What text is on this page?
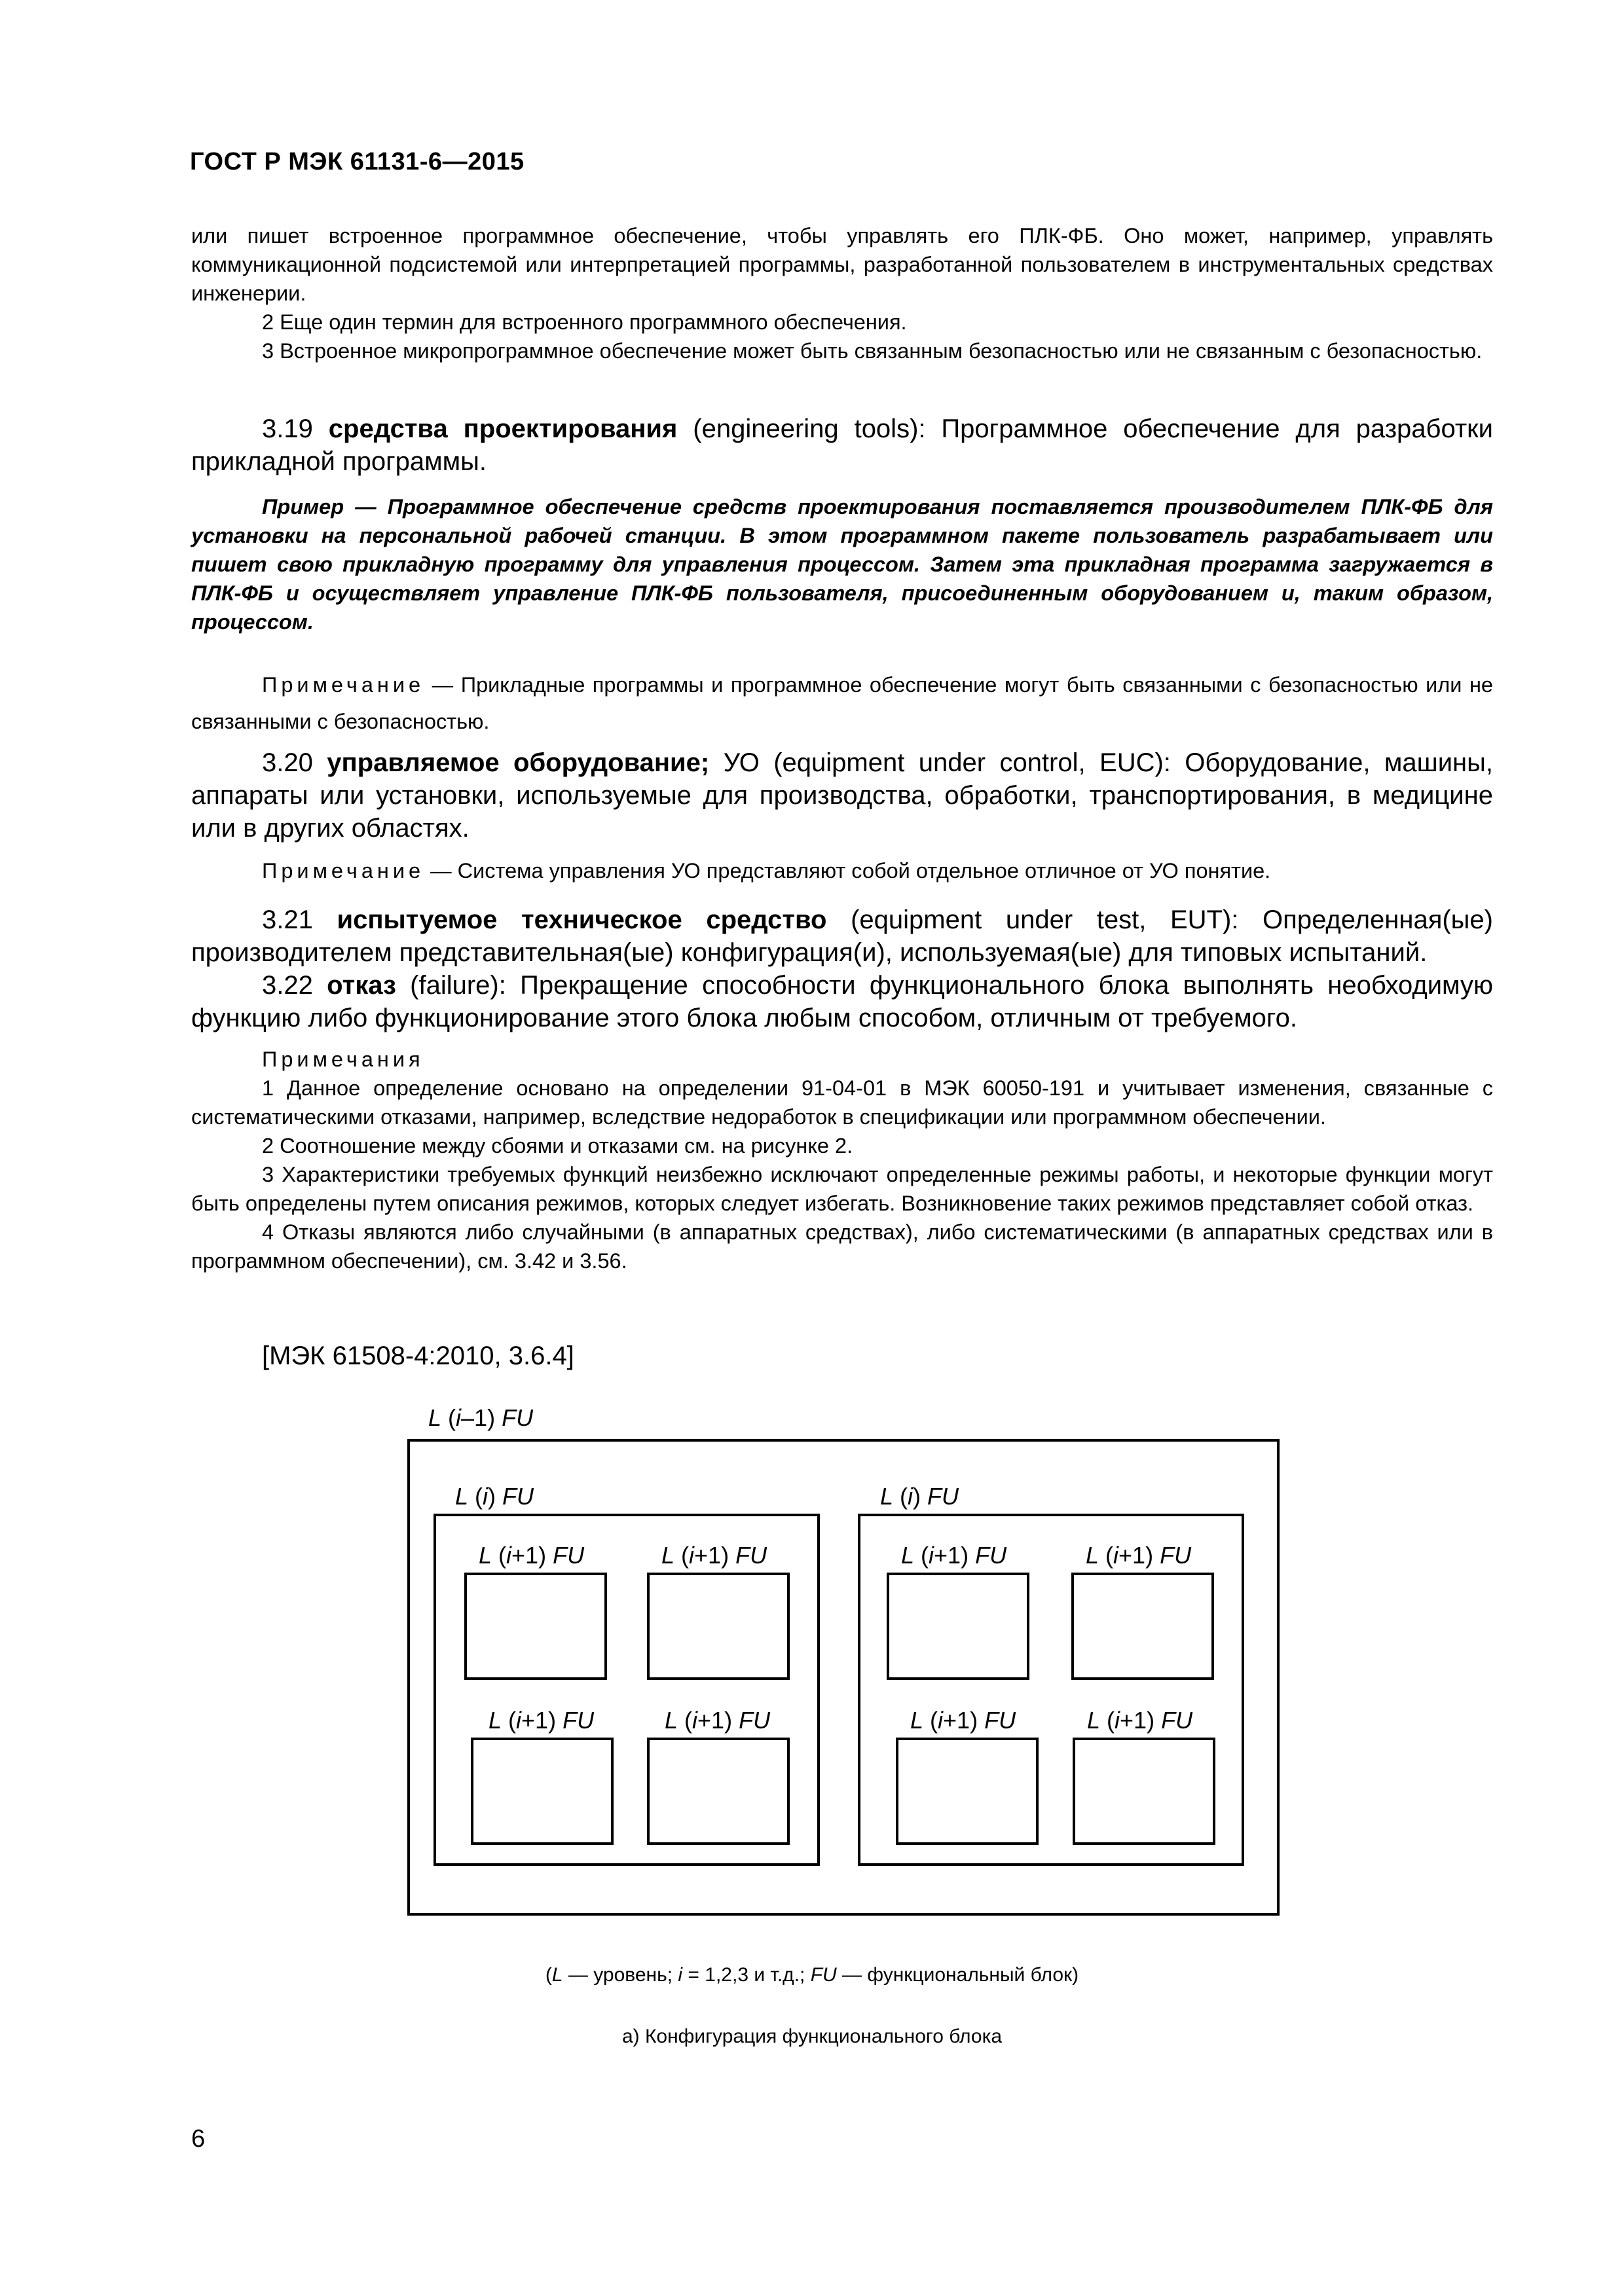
ГОСТ Р МЭК 61131-6—2015

или пишет встроенное программное обеспечение, чтобы управлять его ПЛК-ФБ. Оно может, например, управлять коммуникационной подсистемой или интерпретацией программы, разработанной пользователем в инструментальных средствах инженерии.

2 Еще один термин для встроенного программного обеспечения.

3 Встроенное микропрограммное обеспечение может быть связанным безопасностью или не связанным с безопасностью.

3.19 средства проектирования (engineering tools): Программное обеспечение для разработки прикладной программы.
Пример — Программное обеспечение средств проектирования поставляется производителем ПЛК-ФБ для установки на персональной рабочей станции. В этом программном пакете пользователь разрабатывает или пишет свою прикладную программу для управления процессом. Затем эта прикладная программа загружается в ПЛК-ФБ и осуществляет управление ПЛК-ФБ пользователя, присоединенным оборудованием и, таким образом, процессом.
Примечание — Прикладные программы и программное обеспечение могут быть связанными с безопасностью или не связанными с безопасностью.
3.20 управляемое оборудование; УО (equipment under control, EUC): Оборудование, машины, аппараты или установки, используемые для производства, обработки, транспортирования, в медицине или в других областях.
Примечание — Система управления УО представляют собой отдельное отличное от УО понятие.
3.21 испытуемое техническое средство (equipment under test, EUT): Определенная(ые) производителем представительная(ые) конфигурация(и), используемая(ые) для типовых испытаний.
3.22 отказ (failure): Прекращение способности функционального блока выполнять необходимую функцию либо функционирование этого блока любым способом, отличным от требуемого.

Примечания

1 Данное определение основано на определении 91-04-01 в МЭК 60050-191 и учитывает изменения, связанные с систематическими отказами, например, вследствие недоработок в спецификации или программном обеспечении.

2 Соотношение между сбоями и отказами см. на рисунке 2.

3 Характеристики требуемых функций неизбежно исключают определенные режимы работы, и некоторые функции могут быть определены путем описания режимов, которых следует избегать. Возникновение таких режимов представляет собой отказ.

4 Отказы являются либо случайными (в аппаратных средствах), либо систематическими (в аппаратных средствах или в программном обеспечении), см. 3.42 и 3.56.

[МЭК 61508-4:2010, 3.6.4]
L (i–1) FU
L (i) FU	L (i) FU
L (i+1) FU	L (i+1) FU
L (i+1) FU	L (i+1) FU
L (i+1) FU	L (i+1) FU
L (i+1) FU	L (i+1) FU
(L — уровень; i = 1,2,3 и т.д.; FU — функциональный блок)
а) Конфигурация функционального блока
6
